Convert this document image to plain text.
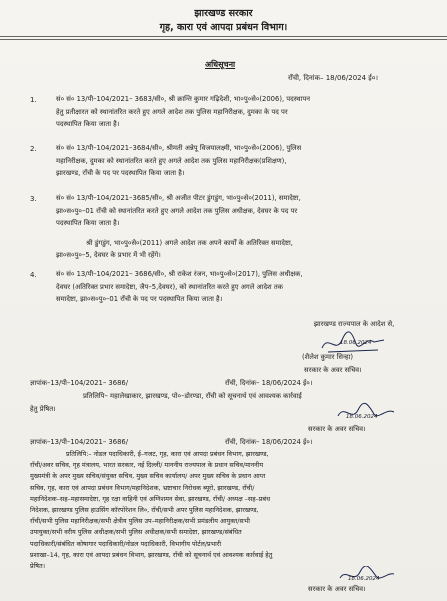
झारखण्ड सरकार
गृह, कारा एवं आपदा प्रबंधन विभाग।
अधिसूचना
राँची, दिनांक– 18/06/2024 ई०।
1.	सं० सं० 13/पी–104/2021– 3683/सी०, श्री क्रान्ति कुमार गढ़िदेशी, भा०पु०से०(2006), पदस्थापन
हेतु प्रतीक्षारत को स्थानांतरित करते हुए अगले आदेश तक पुलिस महानिरीक्षक, दुमका के पद पर
पदस्थापित किया जाता है।
2.	सं० सं० 13/पी–104/2021–3684/सी०, श्रीमती अन्नेपू विजयालक्ष्मी, भा०पु०से०(2006), पुलिस
महानिरीक्षक, दुमका को स्थानांतरित करते हुए अगले आदेश तक पुलिस महानिरीक्षक(प्रशिक्षण),
झारखण्ड, राँची के पद पर पदस्थापित किया जाता है।
3.	सं० सं० 13/पी–104/2021–3685/सी०, श्री अजीत पीटर डुंगडुंग, भा०पु०से०(2011), समादेष्टा,
झा०स०पु०–01 राँची को स्थानांतरित करते हुए अगले आदेश तक पुलिस अधीक्षक, देवघर के पद पर
पदस्थापित किया जाता है।
श्री डुंगडुंग, भा०पु०से०(2011) अगले आदेश तक अपने कार्यों के अतिरिक्त समादेष्टा,
झा०स०पु०–5, देवघर के प्रभार में भी रहेंगे।
4.	सं० सं० 13/पी–104/2021– 3686/सी०, श्री राकेश रंजन, भा०पु०से०(2017), पुलिस अधीक्षक,
देवघर (अतिरिक्त प्रभार समादेष्टा, जैप–5,देवघर), को स्थानांतरित करते हुए अगले आदेश तक
समादेष्टा, झा०स०पु०–01 राँची के पद पर पदस्थापित किया जाता है।
झारखण्ड राज्यपाल के आदेश से,
18.06.2024
(शैलेश कुमार सिन्हा)
सरकार के अवर सचिव।
ज्ञापांक–13/पी–104/2021– 3686/	राँची, दिनांक– 18/06/2024 ई०।
प्रतिलिपि– महालेखाकार, झारखण्ड, पो०–डोरण्डा, राँची को सूचनार्थ एवं आवश्यक कार्रवाई
हेतु प्रेषित।
18.06.2024
सरकार के अवर सचिव।
ज्ञापांक–13/पी–104/2021– 3686/	राँची, दिनांक– 18/06/2024 ई०।
प्रतिलिपि:– नोडल पदाधिकारी, ई–गजट, गृह, कारा एवं आपदा प्रबंधन विभाग, झारखण्ड,
राँची/अवर सचिव, गृह मंत्रालय, भारत सरकार, नई दिल्ली/ माननीय राज्यपाल के प्रधान सचिव/माननीय
मुख्यमंत्री के अपर मुख्य सचिव/संयुक्त सचिव, मुख्य सचिव कार्यालय/ अपर मुख्य सचिव के प्रधान आप्त
सचिव, गृह, कारा एवं आपदा प्रबंधन विभाग/महानिदेशक, भ्रष्टाचार निरोधक ब्यूरो, झारखण्ड, राँची/
महानिदेशक–सह–महासमादेष्टा, गृह रक्षा वाहिनी एवं अग्निशमन सेवा, झारखण्ड, राँची/ अध्यक्ष –सह–प्रबंध
निदेशक, झारखण्ड पुलिस हाउसिंग कॉरपोरेशन लि०, राँची/सभी अपर पुलिस महानिदेशक, झारखण्ड,
राँची/सभी पुलिस महानिरीक्षक/सभी क्षेत्रीय पुलिस उप–महानिरीक्षक/सभी प्रमंडलीय आयुक्त/सभी
उपायुक्त/सभी वरीय पुलिस अधीक्षक/सभी पुलिस अधीक्षक/सभी समादेष्टा, झारखण्ड/संबंधित
पदाधिकारी/संबंधित कोषागार पदाधिकारी/नोडल पदाधिकारी, विभागीय पोर्टल/प्रभारी
प्रशाखा–14, गृह, कारा एवं आपदा प्रबंधन विभाग, झारखण्ड, राँची को सूचनार्थ एवं आवश्यक कार्रवाई हेतु
प्रेषित।
18.06.2024
सरकार के अवर सचिव।
